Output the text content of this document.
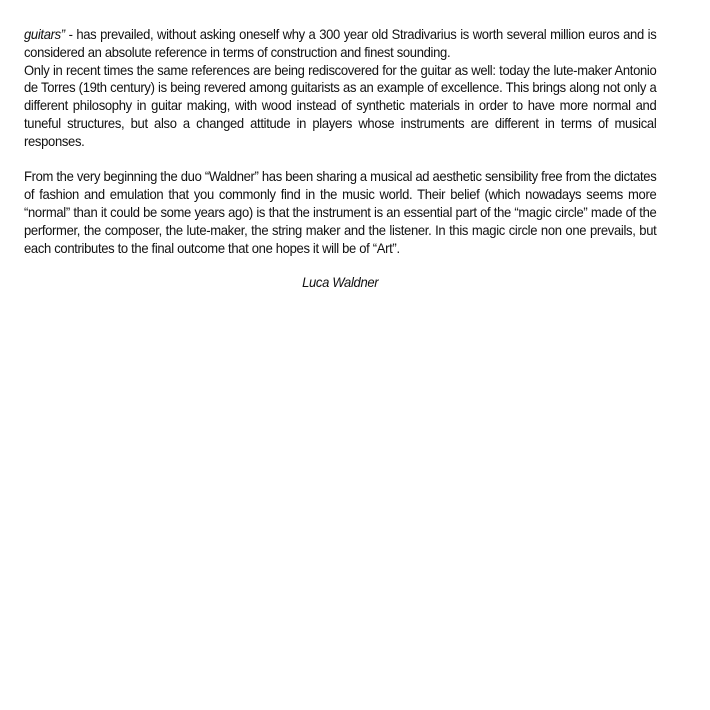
guitars” - has prevailed, without asking oneself why a 300 year old Stradivarius is worth several million euros and is considered an absolute reference in terms of construction and finest sounding.

Only in recent times the same references are being rediscovered for the guitar as well: today the lute-maker Antonio de Torres (19th century) is being revered among guitarists as an example of excellence. This brings along not only a different philosophy in guitar making, with wood instead of synthetic materials in order to have more normal and tuneful structures, but also a changed attitude in players whose instruments are different in terms of musical responses.

From the very beginning the duo “Waldner” has been sharing a musical ad aesthetic sensibility free from the dictates of fashion and emulation that you commonly find in the music world. Their belief (which nowadays seems more “normal” than it could be some years ago) is that the instrument is an essential part of the “magic circle” made of the performer, the composer, the lute-maker, the string maker and the listener. In this magic circle non one prevails, but each contributes to the final outcome that one hopes it will be of “Art”.

Luca Waldner
